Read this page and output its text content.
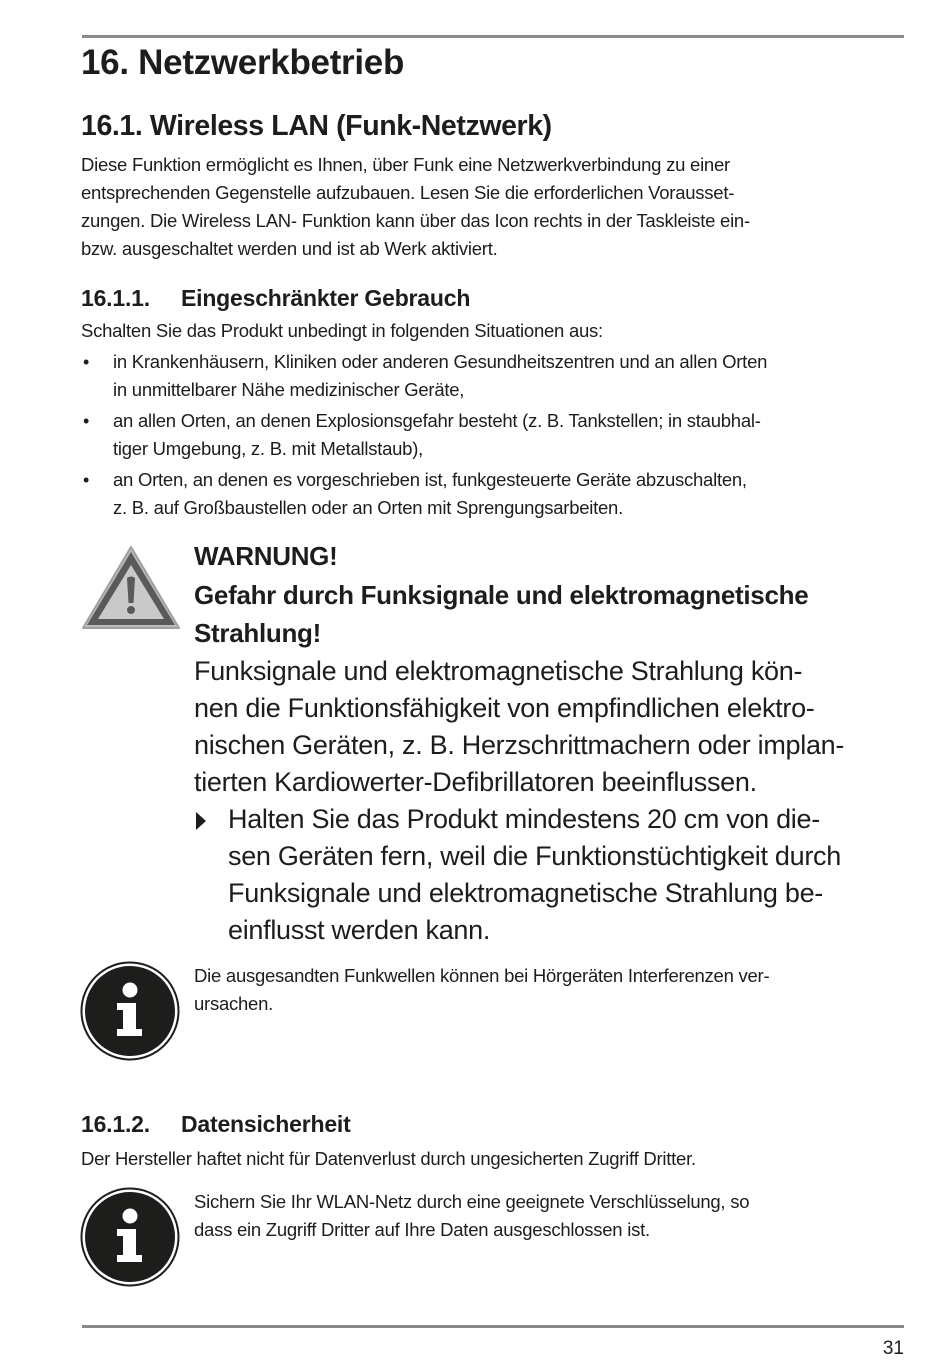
16. Netzwerkbetrieb
16.1. Wireless LAN (Funk-Netzwerk)

Diese Funktion ermöglicht es Ihnen, über Funk eine Netzwerkverbindung zu einer
entsprechenden Gegenstelle aufzubauen. Lesen Sie die erforderlichen Vorausset-
zungen. Die Wireless LAN- Funktion kann über das Icon rechts in der Taskleiste ein-
bzw. ausgeschaltet werden und ist ab Werk aktiviert.

16.1.1. Eingeschränkter Gebrauch

Schalten Sie das Produkt unbedingt in folgenden Situationen aus:

• in Krankenhäusern, Kliniken oder anderen Gesundheitszentren und an allen Orten
in unmittelbarer Nähe medizinischer Geräte,
• an allen Orten, an denen Explosionsgefahr besteht (z. B. Tankstellen; in staubhal-
tiger Umgebung, z. B. mit Metallstaub),
• an Orten, an denen es vorgeschrieben ist, funkgesteuerte Geräte abzuschalten,
z. B. auf Großbaustellen oder an Orten mit Sprengungsarbeiten.

WARNUNG!

Gefahr durch Funksignale und elektromagnetische
Strahlung!

Funksignale und elektromagnetische Strahlung kön-
nen die Funktionsfähigkeit von empfindlichen elektro-
nischen Geräten, z. B. Herzschrittmachern oder implan-
tierten Kardiowerter-Defibrillatoren beeinflussen.

Halten Sie das Produkt mindestens 20 cm von die-
sen Geräten fern, weil die Funktionstüchtigkeit durch
Funksignale und elektromagnetische Strahlung be-
einflusst werden kann.

Die ausgesandten Funkwellen können bei Hörgeräten Interferenzen ver-
ursachen.

16.1.2. Datensicherheit

Der Hersteller haftet nicht für Datenverlust durch ungesicherten Zugriff Dritter.

Sichern Sie Ihr WLAN-Netz durch eine geeignete Verschlüsselung, so
dass ein Zugriff Dritter auf Ihre Daten ausgeschlossen ist.

31
